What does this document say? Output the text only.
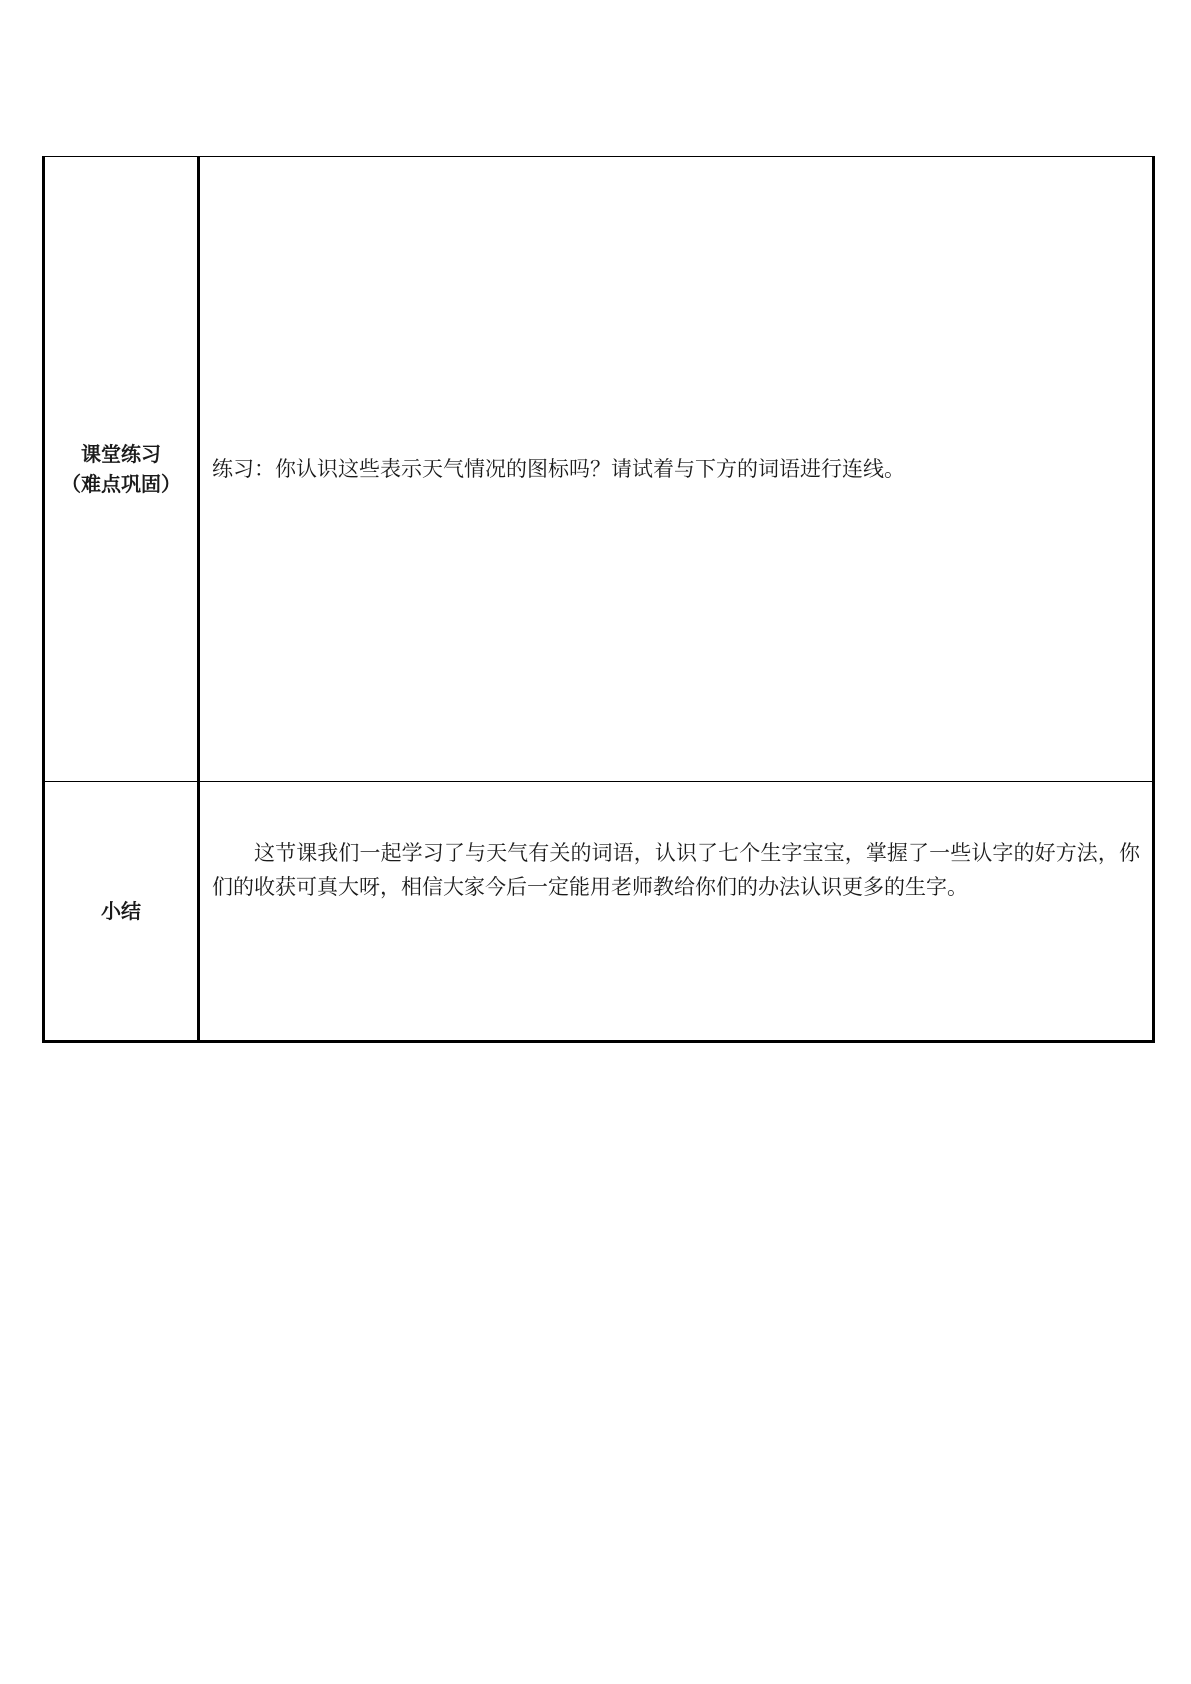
课堂练习
（难点巩固）	练习：你认识这些表示天气情况的图标吗？请试着与下方的词语进行连线。

小结	这节课我们一起学习了与天气有关的词语，认识了七个生字宝宝，掌握了一些认字的好方法，你们的收获可真大呀，相信大家今后一定能用老师教给你们的办法认识更多的生字。
